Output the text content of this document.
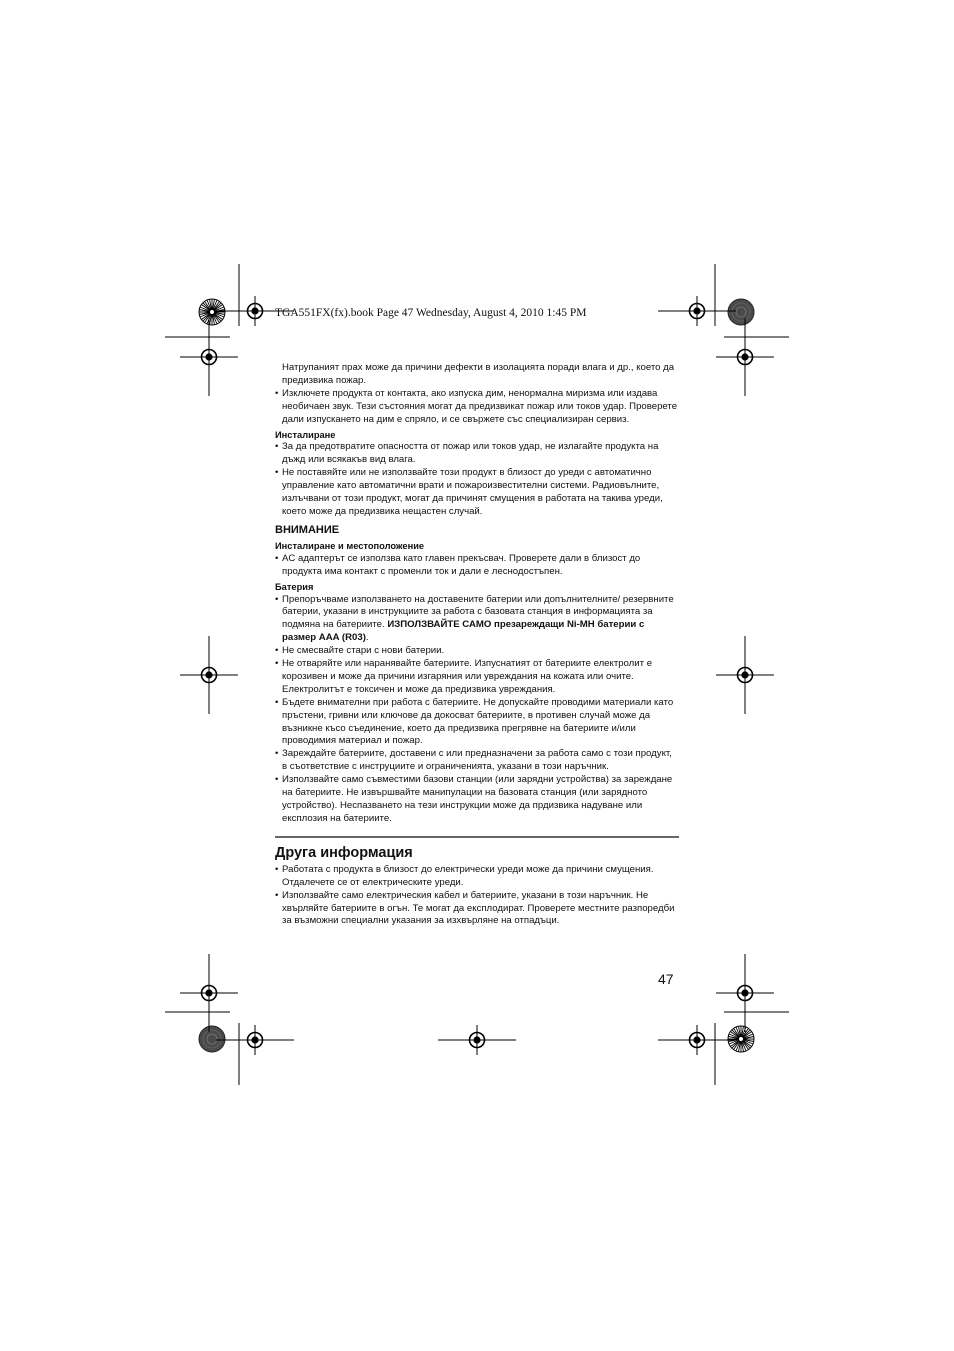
TGA551FX(fx).book Page 47 Wednesday, August 4, 2010 1:45 PM

Натрупаният прах може да причини дефекти в изолацията поради влага и др., което да предизвика пожар.

• Изключете продукта от контакта, ако изпуска дим, ненормална миризма или издава необичаен звук. Тези състояния могат да предизвикат пожар или токов удар. Проверете дали изпускането на дим е спряло, и се свържете със специализиран сервиз.
Инсталиране
• За да предотвратите опасността от пожар или токов удар, не излагайте продукта на дъжд или всякакъв вид влага.
• Не поставяйте или не използвайте този продукт в близост до уреди с автоматично управление като автоматични врати и пожароизвестителни системи. Радиовълните, излъчвани от този продукт, могат да причинят смущения в работата на такива уреди, което може да предизвика нещастен случай.
ВНИМАНИЕ
Инсталиране и местоположение
• AC адаптерът се използва като главен прекъсвач. Проверете дали в близост до продукта има контакт с променли ток и дали е леснодостъпен.
Батерия
• Препоръчваме използването на доставените батерии или допълнителните/ резервните батерии, указани в инструкциите за работа с базовата станция в информацията за подмяна на батериите. ИЗПОЛЗВАЙТЕ САМО презареждащи Ni-MH батерии с размер AAA (R03).
• Не смесвайте стари с нови батерии.
• Не отваряйте или наранявайте батериите. Изпуснатият от батериите електролит е корозивен и може да причини изгаряния или увреждания на кожата или очите. Електролитът е токсичен и може да предизвика увреждания.
• Бъдете внимателни при работа с батериите. Не допускайте проводими материали като пръстени, гривни или ключове да докосват батериите, в противен случай може да възникне късо съединение, което да предизвика прегрявне на батериите и/или проводимия материал и пожар.
• Зареждайте батериите, доставени с или предназначени за работа само с този продукт, в съответствие с инструциите и ограниченията, указани в този наръчник.
• Използвайте само съвместими базови станции (или зарядни устройства) за зареждане на батериите. Не извършвайте манипулации на базовата станция (или зарядното устройство). Неспазването на тези инструкции може да прдизвика надуване или експлозия на батериите.
Друга информация
• Работата с продукта в близост до електрически уреди може да причини смущения. Отдалечете се от електрическите уреди.
• Използвайте само електрическия кабел и батериите, указани в този наръчник. Не хвърляйте батериите в огън. Те могат да експлодират. Проверете местните разпоредби за възможни специални указания за изхвърляне на отпадъци.
47
